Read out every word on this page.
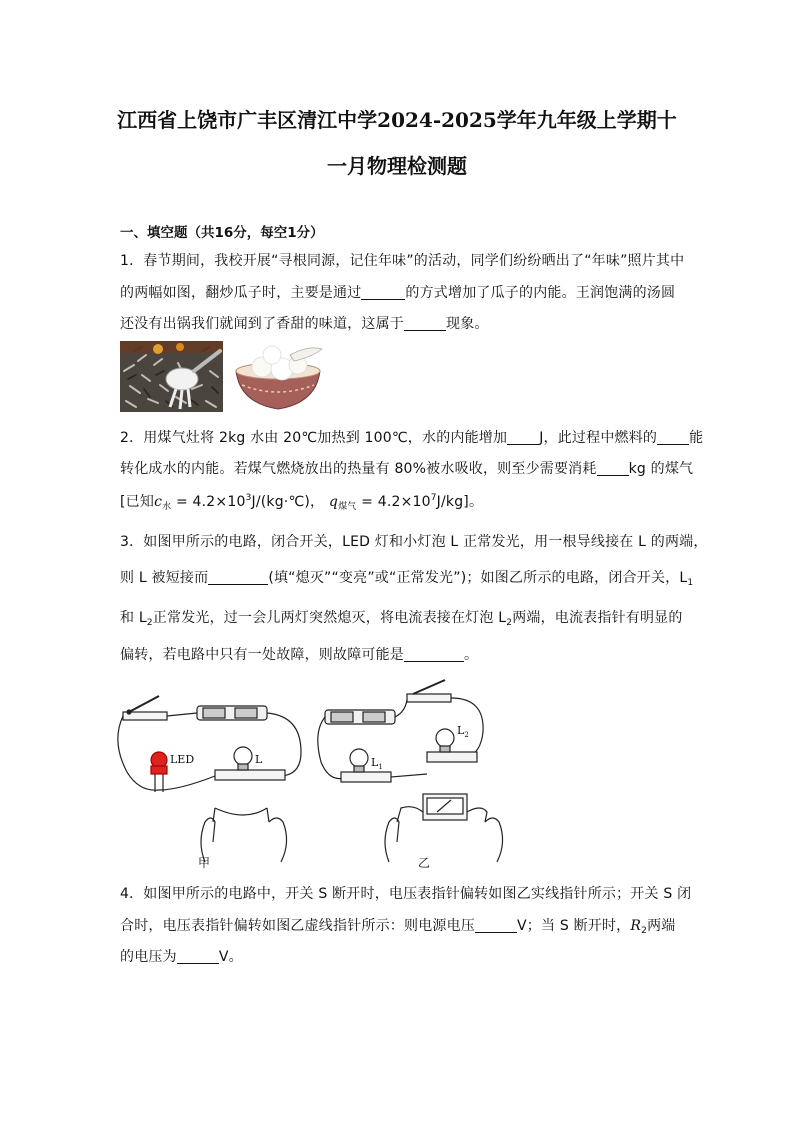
江西省上饶市广丰区清江中学2024-2025学年九年级上学期十
一月物理检测题
一、填空题（共16分，每空1分）
1．春节期间，我校开展“寻根同源，记住年味”的活动，同学们纷纷晒出了“年味”照片其中
的两幅如图，翻炒瓜子时，主要是通过	的方式增加了瓜子的内能。王润饱满的汤圆
还没有出锅我们就闻到了香甜的味道，这属于	现象。
2．用煤气灶将 2kg 水由 20℃加热到 100℃，水的内能增加 J，此过程中燃料的 能
转化成水的内能。若煤气燃烧放出的热量有 80%被水吸收，则至少需要消耗 kg 的煤气
[已知$c_水$ = $4.2\times 10^3J/(kg\cdot℃)$， $q_{煤气} = 4.2\times 10^7J/kg$]。
3．如图甲所示的电路，闭合开关，LED 灯和小灯泡 L 正常发光，用一根导线接在 L 的两端，
则 L 被短接而	(填“熄灭”“变亮”或“正常发光”)；如图乙所示的电路，闭合开关，$L_1$
和 $L_2$正常发光，过一会儿两灯突然熄灭，将电流表接在灯泡 $L_2$两端，电流表指针有明显的
偏转，若电路中只有一处故障，则故障可能是	。
LED	L	$L_1$
$L_2$
甲	乙
4．如图甲所示的电路中，开关 S 断开时，电压表指针偏转如图乙实线指针所示；开关 S 闭
合时，电压表指针偏转如图乙虚线指针所示：则电源电压	V；当 S 断开时，$R_2$两端
的电压为	V。
